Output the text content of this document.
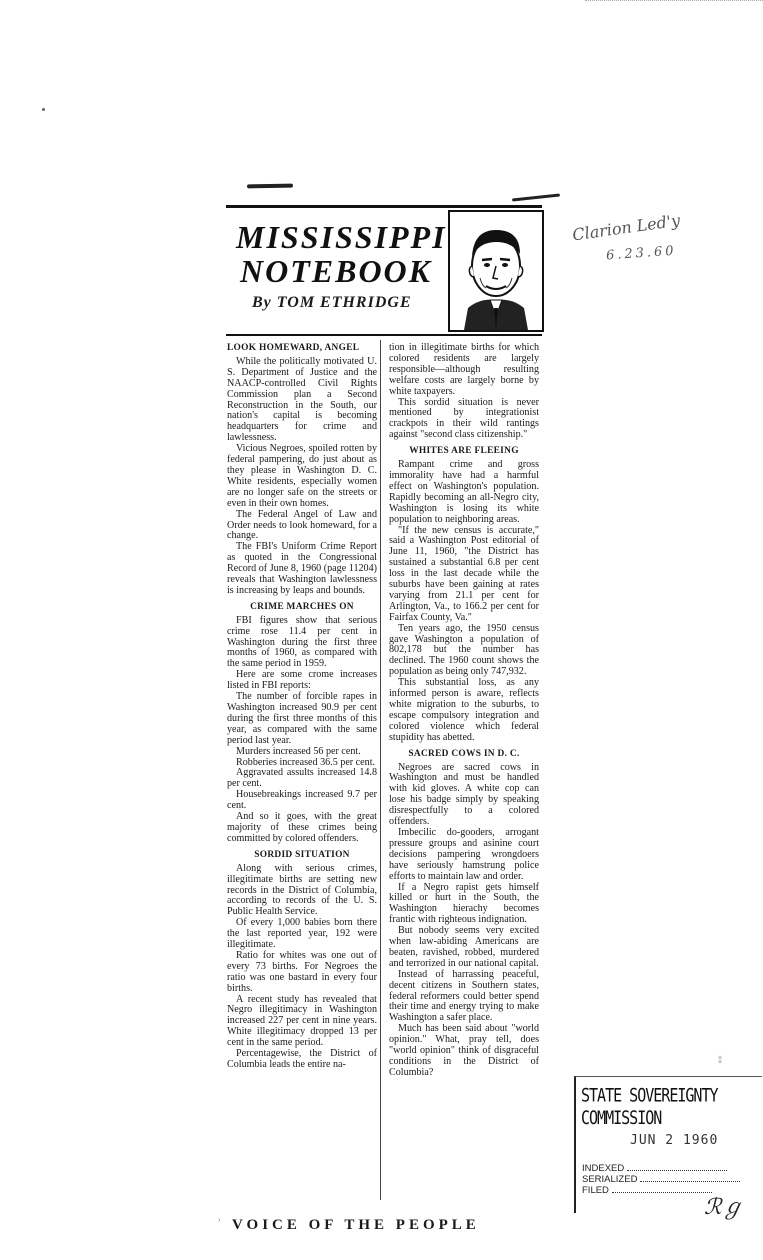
MISSISSIPPI
NOTEBOOK
By TOM ETHRIDGE
LOOK HOMEWARD, ANGEL

While the politically motivated U. S. Department of Justice and the NAACP-controlled Civil Rights Commission plan a Second Reconstruction in the South, our nation's capital is becoming headquarters for crime and lawlessness.

Vicious Negroes, spoiled rotten by federal pampering, do just about as they please in Washington D. C. White residents, especially women are no longer safe on the streets or even in their own homes.

The Federal Angel of Law and Order needs to look homeward, for a change.

The FBI's Uniform Crime Report as quoted in the Congressional Record of June 8, 1960 (page 11204) reveals that Washington lawlessness is increasing by leaps and bounds.

CRIME MARCHES ON

FBI figures show that serious crime rose 11.4 per cent in Washington during the first three months of 1960, as compared with the same period in 1959.

Here are some crome increases listed in FBI reports:

The number of forcible rapes in Washington increased 90.9 per cent during the first three months of this year, as compared with the same period last year.

Murders increased 56 per cent.

Robberies increased 36.5 per cent.

Aggravated assults increased 14.8 per cent.

Housebreakings increased 9.7 per cent.

And so it goes, with the great majority of these crimes being committed by colored offenders.

SORDID SITUATION

Along with serious crimes, illegitimate births are setting new records in the District of Columbia, according to records of the U. S. Public Health Service.

Of every 1,000 babies born there the last reported year, 192 were illegitimate.

Ratio for whites was one out of every 73 births. For Negroes the ratio was one bastard in every four births.

A recent study has revealed that Negro illegitimacy in Washington increased 227 per cent in nine years. White illegitimacy dropped 13 per cent in the same period.

Percentagewise, the District of Columbia leads the entire na-

tion in illegitimate births for which colored residents are largely responsible—although resulting welfare costs are largely borne by white taxpayers.

This sordid situation is never mentioned by integrationist crackpots in their wild rantings against "second class citizenship."

WHITES ARE FLEEING

Rampant crime and gross immorality have had a harmful effect on Washington's population. Rapidly becoming an all-Negro city, Washington is losing its white population to neighboring areas.

"If the new census is accurate," said a Washington Post editorial of June 11, 1960, "the District has sustained a substantial 6.8 per cent loss in the last decade while the suburbs have been gaining at rates varying from 21.1 per cent for Arlington, Va., to 166.2 per cent for Fairfax County, Va."

Ten years ago, the 1950 census gave Washington a population of 802,178 but the number has declined. The 1960 count shows the population as being only 747,932.

This substantial loss, as any informed person is aware, reflects white migration to the suburbs, to escape compulsory integration and colored violence which federal stupidity has abetted.

SACRED COWS IN D. C.

Negroes are sacred cows in Washington and must be handled with kid gloves. A white cop can lose his badge simply by speaking disrespectfully to a colored offenders.

Imbecilic do-gooders, arrogant pressure groups and asinine court decisions pampering wrongdoers have seriously hamstrung police efforts to maintain law and order.

If a Negro rapist gets himself killed or hurt in the South, the Washington hierachy becomes frantic with righteous indignation.

But nobody seems very excited when law-abiding Americans are beaten, ravished, robbed, murdered and terrorized in our national capital.

Instead of harrassing peaceful, decent citizens in Southern states, federal reformers could better spend their time and energy trying to make Washington a safer place.

Much has been said about "world opinion." What, pray tell, does "world opinion" think of disgraceful conditions in the District of Columbia?

VOICE OF THE PEOPLE
›
Clarion Led'y
6.23.60
⁑
STATE SOVEREIGNTY COMMISSION
JUN 2 1960
INDEXED
SERIALIZED
FILED
ℛℊ
